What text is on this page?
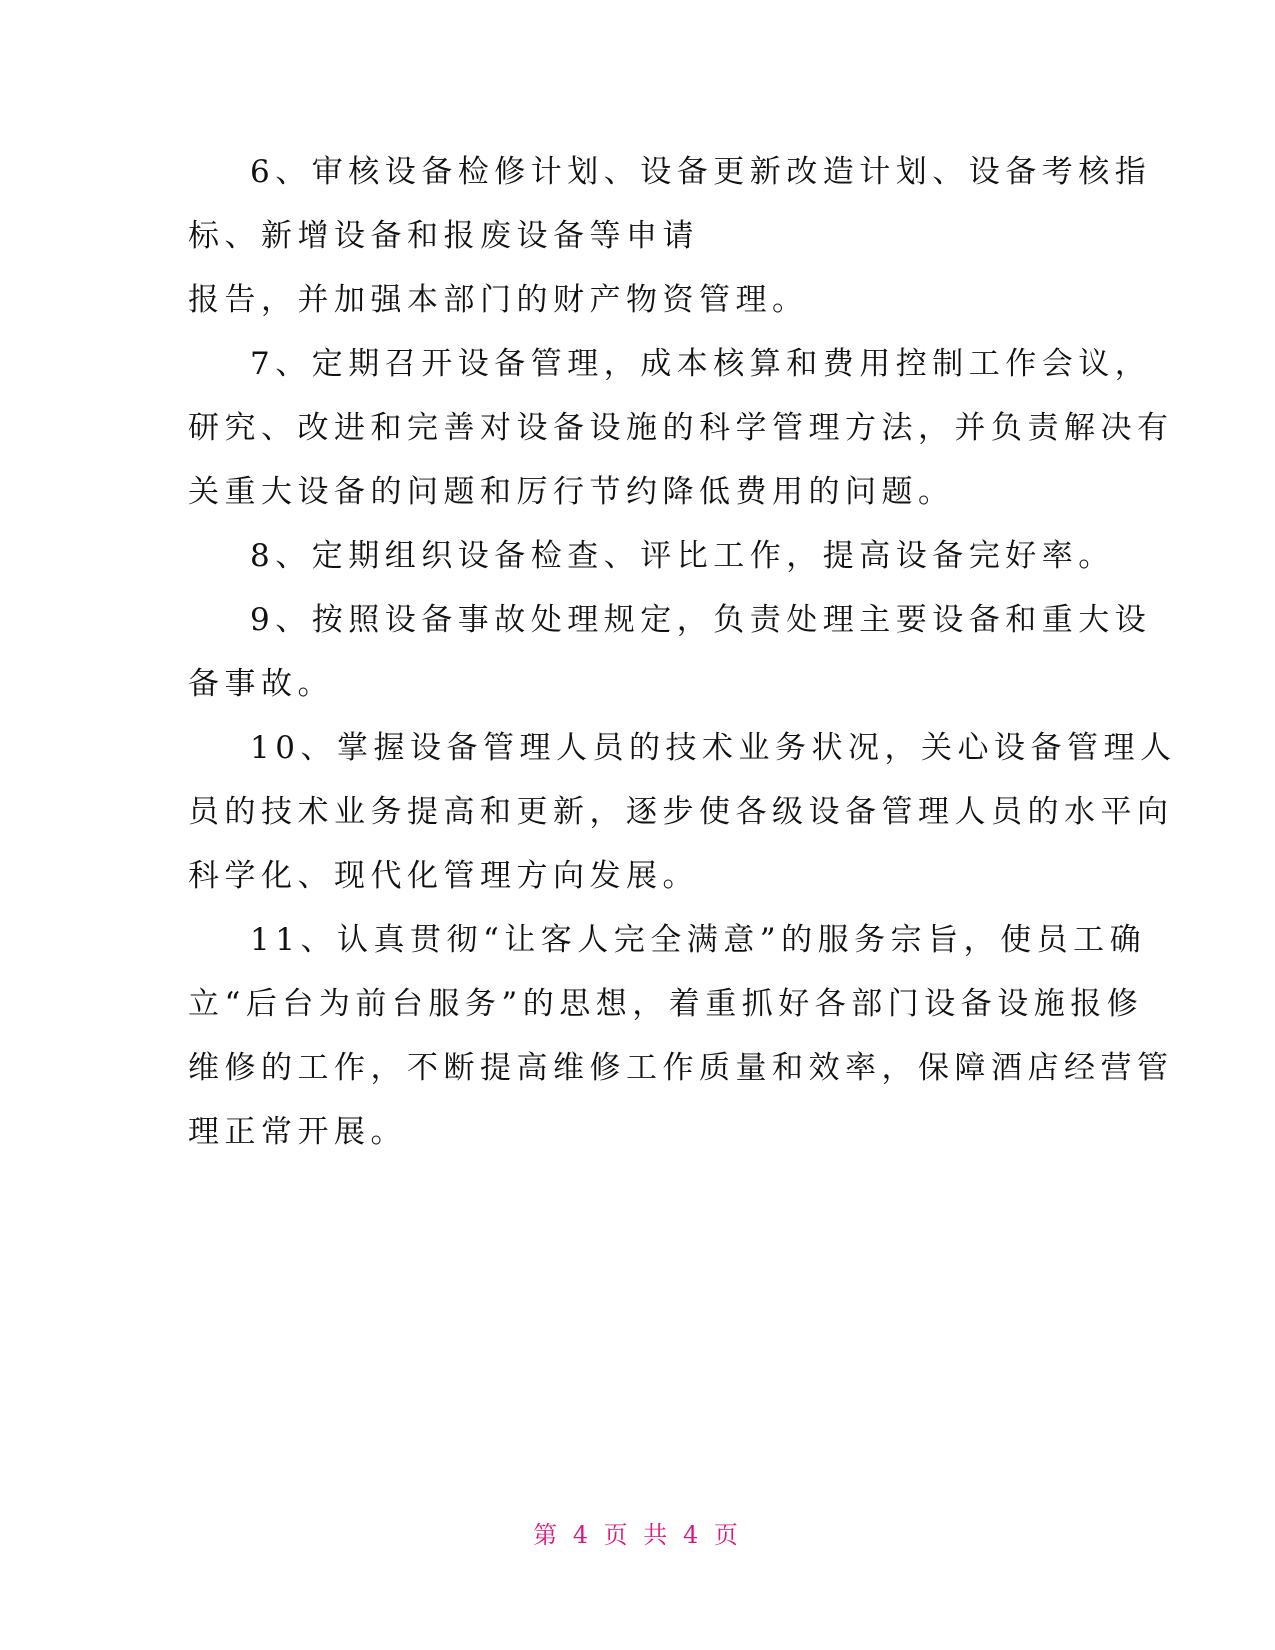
6、审核设备检修计划、设备更新改造计划、设备考核指
标、新增设备和报废设备等申请
报告，并加强本部门的财产物资管理。

7、定期召开设备管理，成本核算和费用控制工作会议，
研究、改进和完善对设备设施的科学管理方法，并负责解决有
关重大设备的问题和厉行节约降低费用的问题。

8、定期组织设备检查、评比工作，提高设备完好率。

9、按照设备事故处理规定，负责处理主要设备和重大设
备事故。

10、掌握设备管理人员的技术业务状况，关心设备管理人
员的技术业务提高和更新，逐步使各级设备管理人员的水平向
科学化、现代化管理方向发展。

11、认真贯彻“让客人完全满意”的服务宗旨，使员工确
立“后台为前台服务”的思想，着重抓好各部门设备设施报修
维修的工作，不断提高维修工作质量和效率，保障酒店经营管
理正常开展。

第 4 页 共 4 页
